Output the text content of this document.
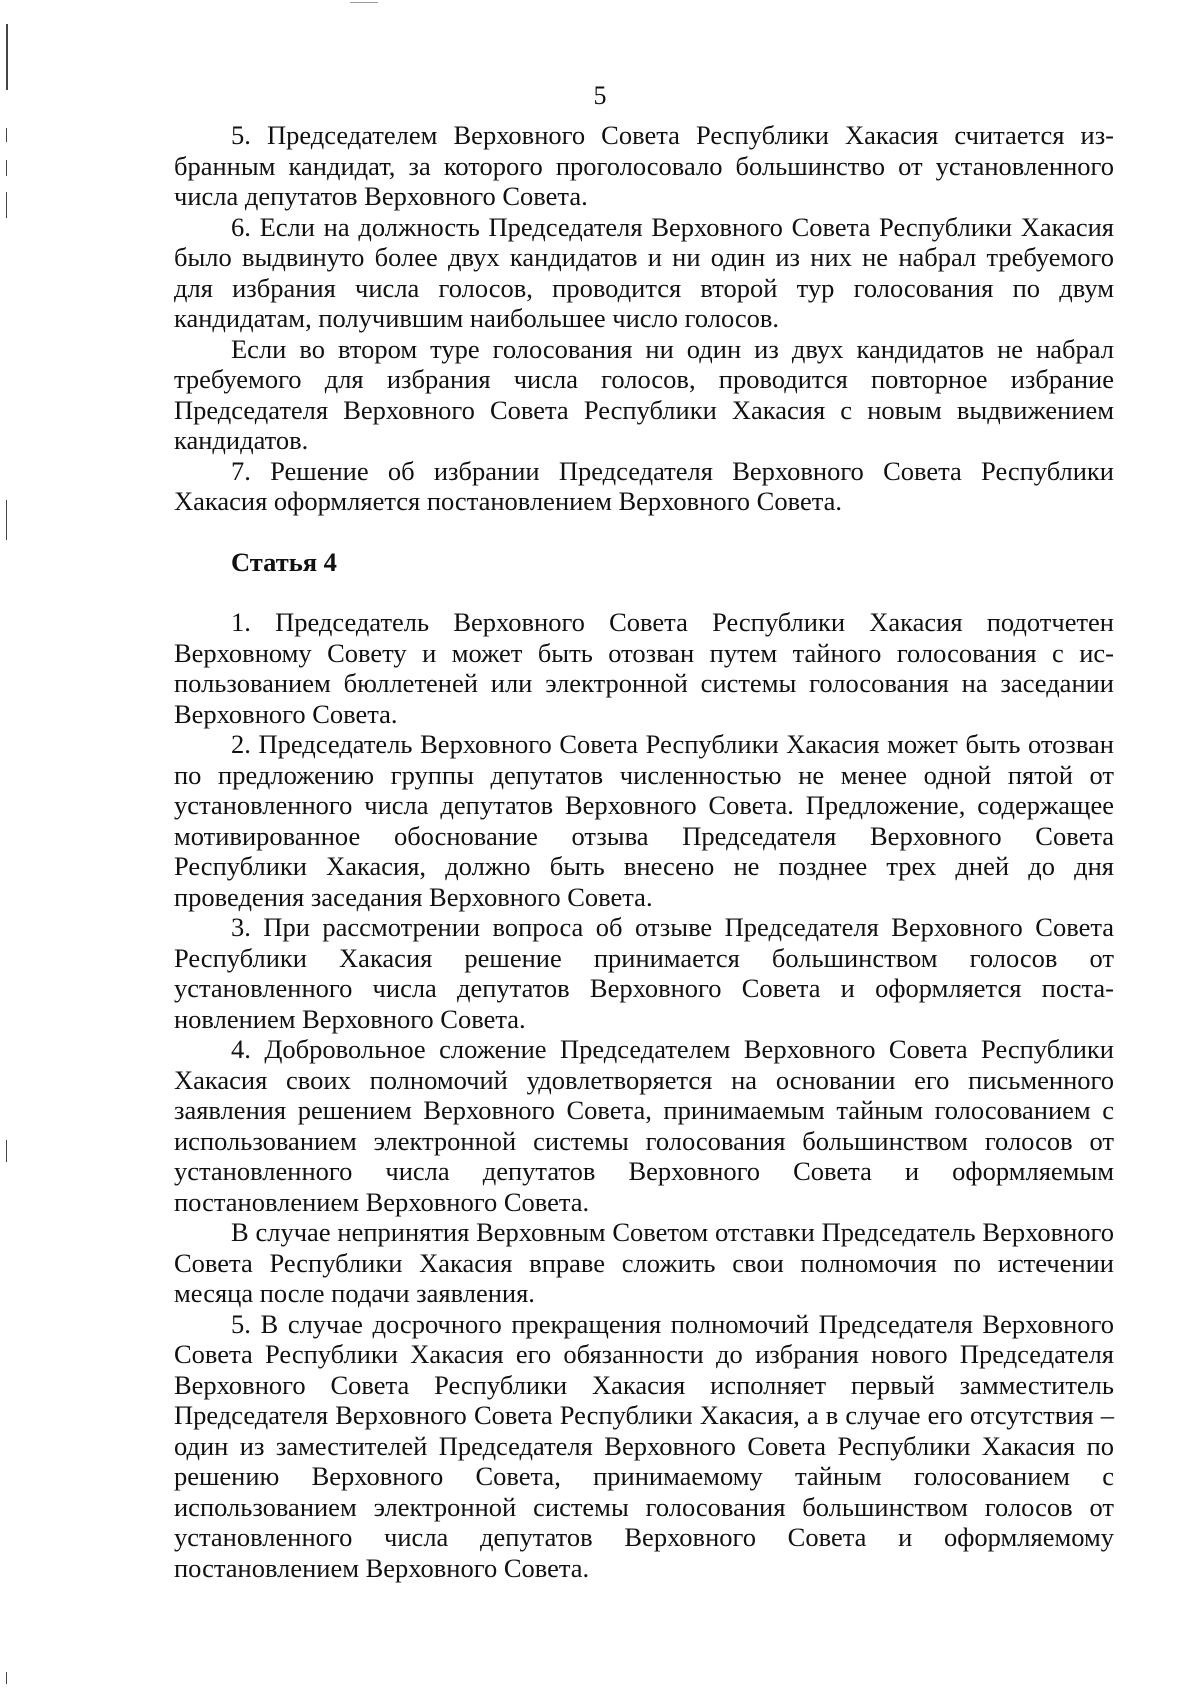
5

5. Председателем Верховного Совета Республики Хакасия считается избранным кандидат, за которого проголосовало большинство от установленного числа депутатов Верховного Совета.

6. Если на должность Председателя Верховного Совета Республики Хакасия было выдвинуто более двух кандидатов и ни один из них не набрал требуемого для избрания числа голосов, проводится второй тур голосования по двум кандидатам, получившим наибольшее число голосов.

Если во втором туре голосования ни один из двух кандидатов не набрал требуемого для избрания числа голосов, проводится повторное избрание Председателя Верховного Совета Республики Хакасия с новым выдвижением кандидатов.

7. Решение об избрании Председателя Верховного Совета Республики Хакасия оформляется постановлением Верховного Совета.

Статья 4

1. Председатель Верховного Совета Республики Хакасия подотчетен Верховному Совету и может быть отозван путем тайного голосования с использованием бюллетеней или электронной системы голосования на заседании Верховного Совета.

2. Председатель Верховного Совета Республики Хакасия может быть отозван по предложению группы депутатов численностью не менее одной пятой от установленного числа депутатов Верховного Совета. Предложение, содержащее мотивированное обоснование отзыва Председателя Верховного Совета Республики Хакасия, должно быть внесено не позднее трех дней до дня проведения заседания Верховного Совета.

3. При рассмотрении вопроса об отзыве Председателя Верховного Совета Республики Хакасия решение принимается большинством голосов от установленного числа депутатов Верховного Совета и оформляется постановлением Верховного Совета.

4. Добровольное сложение Председателем Верховного Совета Республики Хакасия своих полномочий удовлетворяется на основании его письменного заявления решением Верховного Совета, принимаемым тайным голосованием с использованием электронной системы голосования большинством голосов от установленного числа депутатов Верховного Совета и оформляемым постановлением Верховного Совета.

В случае непринятия Верховным Советом отставки Председатель Верховного Совета Республики Хакасия вправе сложить свои полномочия по истечении месяца после подачи заявления.

5. В случае досрочного прекращения полномочий Председателя Верховного Совета Республики Хакасия его обязанности до избрания нового Председателя Верховного Совета Республики Хакасия исполняет первый замместитель Председателя Верховного Совета Республики Хакасия, а в случае его отсутствия – один из заместителей Председателя Верховного Совета Республики Хакасия по решению Верховного Совета, принимаемому тайным голосованием с использованием электронной системы голосования большинством голосов от установленного числа депутатов Верховного Совета и оформляемому постановлением Верховного Совета.
